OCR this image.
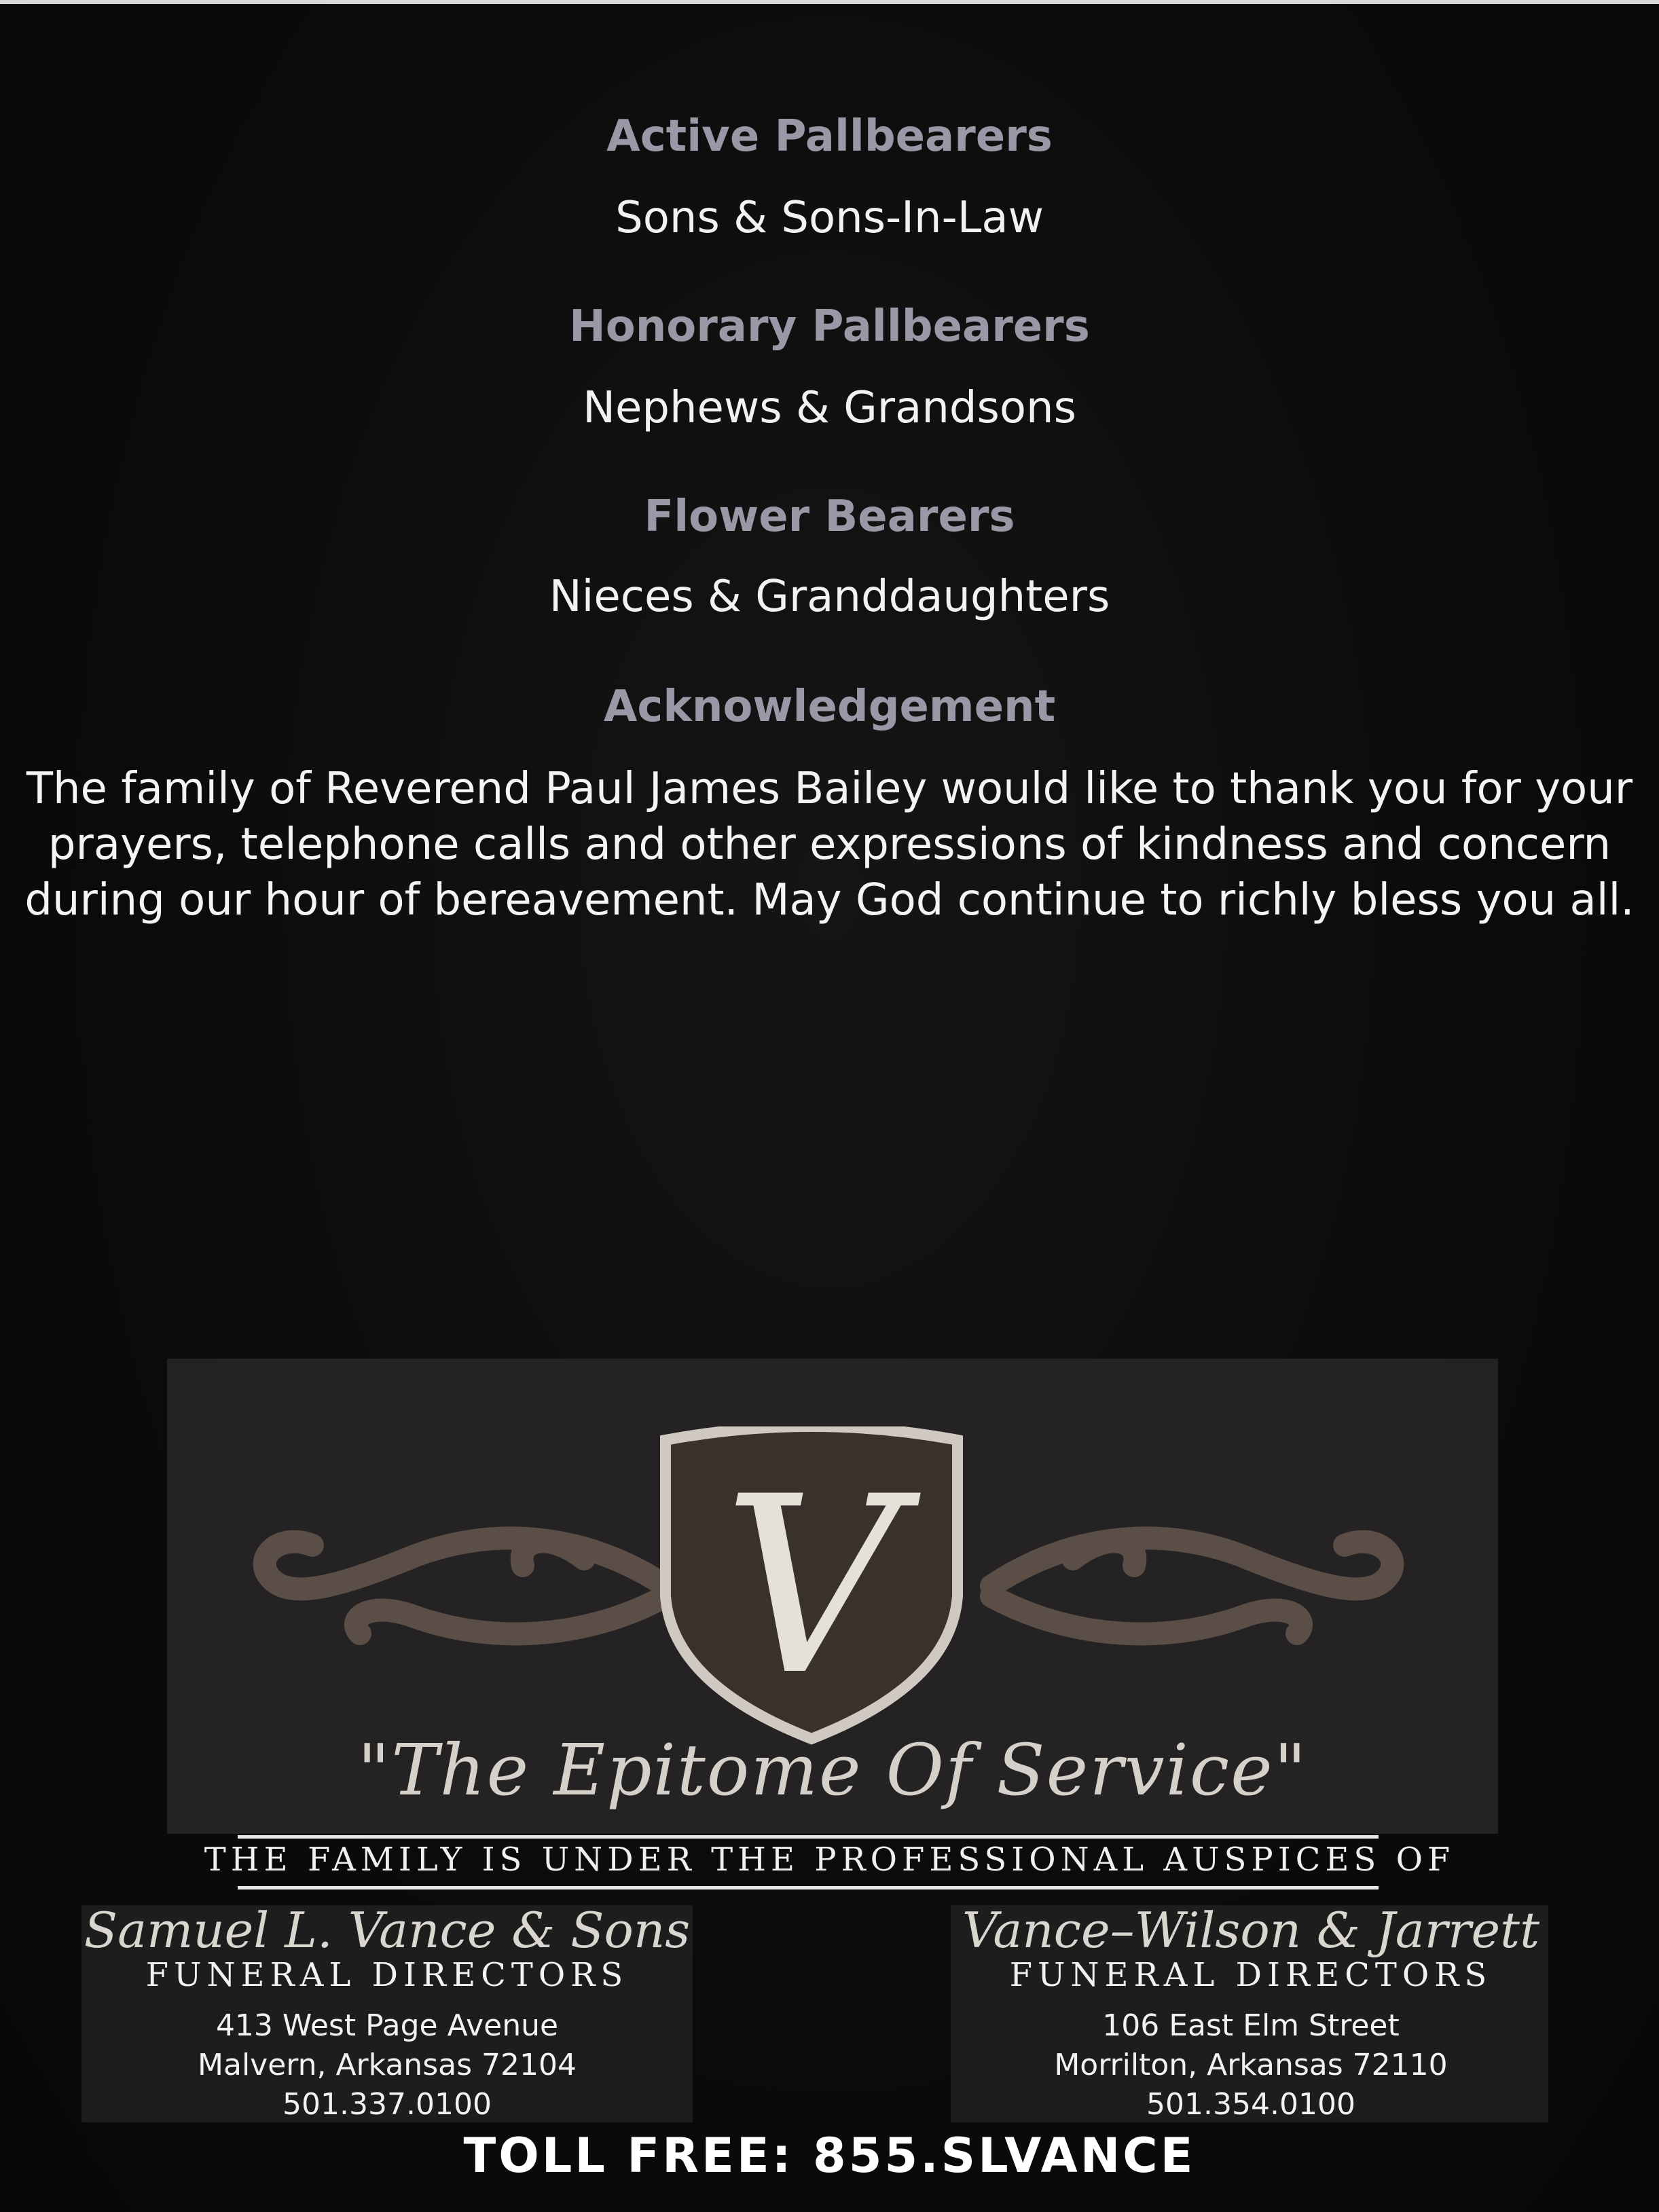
Active Pallbearers
Sons & Sons-In-Law
Honorary Pallbearers
Nephews & Grandsons
Flower Bearers
Nieces & Granddaughters
Acknowledgement
The family of Reverend Paul James Bailey would like to thank you for your prayers, telephone calls and other expressions of kindness and concern during our hour of bereavement. May God continue to richly bless you all.
V
"The Epitome Of Service"
THE FAMILY IS UNDER THE PROFESSIONAL AUSPICES OF
Samuel L. Vance & Sons
FUNERAL DIRECTORS
413 West Page Avenue
Malvern, Arkansas 72104
501.337.0100
Vance–Wilson & Jarrett
FUNERAL DIRECTORS
106 East Elm Street
Morrilton, Arkansas 72110
501.354.0100
TOLL FREE: 855.SLVANCE
